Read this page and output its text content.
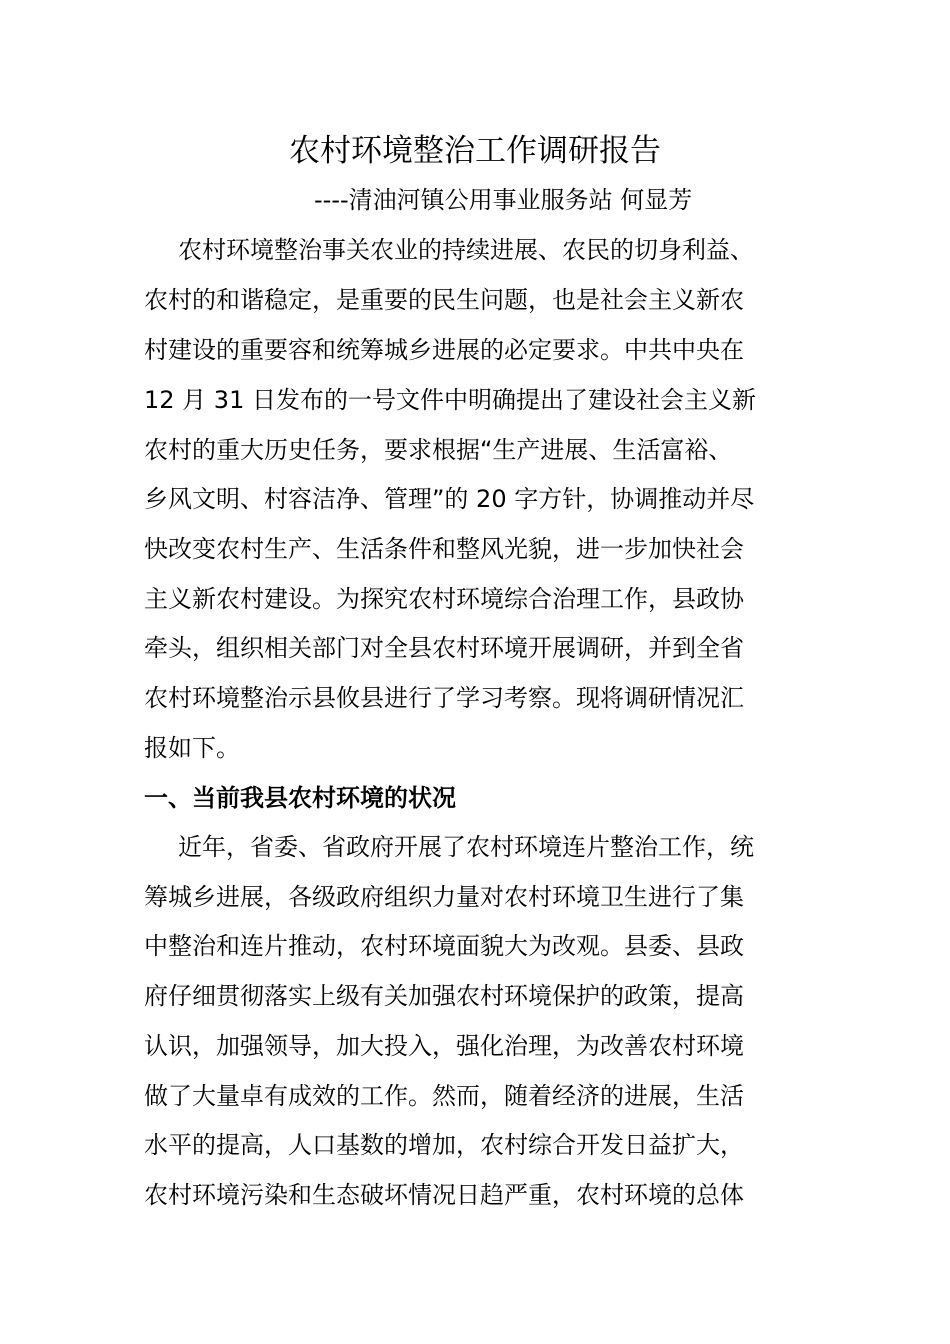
农村环境整治工作调研报告
----清油河镇公用事业服务站 何显芳
农村环境整治事关农业的持续进展、农民的切身利益、
农村的和谐稳定，是重要的民生问题，也是社会主义新农
村建设的重要容和统筹城乡进展的必定要求。中共中央在
12 月 31 日发布的一号文件中明确提出了建设社会主义新
农村的重大历史任务，要求根据“生产进展、生活富裕、
乡风文明、村容洁净、管理”的 20 字方针，协调推动并尽
快改变农村生产、生活条件和整风光貌，进一步加快社会
主义新农村建设。为探究农村环境综合治理工作，县政协
牵头，组织相关部门对全县农村环境开展调研，并到全省
农村环境整治示县攸县进行了学习考察。现将调研情况汇
报如下。
一、当前我县农村环境的状况
近年，省委、省政府开展了农村环境连片整治工作，统
筹城乡进展，各级政府组织力量对农村环境卫生进行了集
中整治和连片推动，农村环境面貌大为改观。县委、县政
府仔细贯彻落实上级有关加强农村环境保护的政策，提高
认识，加强领导，加大投入，强化治理，为改善农村环境
做了大量卓有成效的工作。然而，随着经济的进展，生活
水平的提高，人口基数的增加，农村综合开发日益扩大，
农村环境污染和生态破坏情况日趋严重，农村环境的总体
